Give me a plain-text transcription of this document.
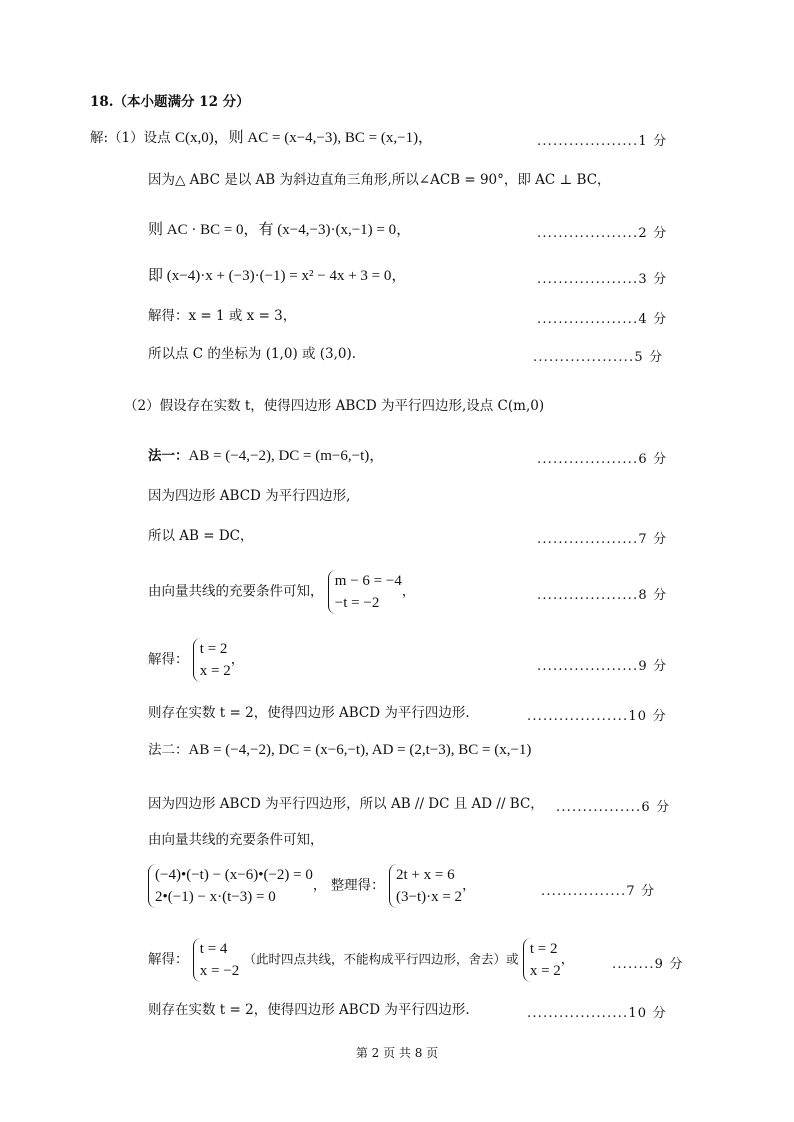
18.（本小题满分 12 分）
解:（1）设点 C(x,0)，则 AC = (x−4,−3), BC = (x,−1)，	...................1 分
因为△ ABC 是以 AB 为斜边直角三角形,所以∠ACB = 90°，即 AC ⊥ BC，
则 AC · BC = 0，有 (x−4,−3)·(x,−1) = 0，	...................2 分
即 (x−4)·x + (−3)·(−1) = x² − 4x + 3 = 0，	...................3 分
解得：x = 1 或 x = 3，	...................4 分
所以点 C 的坐标为 (1,0) 或 (3,0).	...................5 分
（2）假设存在实数 t，使得四边形 ABCD 为平行四边形,设点 C(m,0)
法一：AB = (−4,−2), DC = (m−6,−t)，	...................6 分
因为四边形 ABCD 为平行四边形,
所以 AB = DC，	...................7 分
由向量共线的充要条件可知， m − 6 = −4
−t = −2，	...................8 分
解得： t = 2
x = 2，	...................9 分
则存在实数 t = 2，使得四边形 ABCD 为平行四边形.	...................10 分
法二：AB = (−4,−2), DC = (x−6,−t), AD = (2,t−3), BC = (x,−1)
因为四边形 ABCD 为平行四边形，所以 AB // DC 且 AD // BC， ................6 分
由向量共线的充要条件可知，
(−4)•(−t) − (x−6)•(−2) = 0
2•(−1) − x·(t−3) = 0， 整理得： 2t + x = 6
(3−t)·x = 2，	................7 分
解得： t = 4
x = −2 （此时四点共线，不能构成平行四边形，舍去）或 t = 2
x = 2，	........9 分
则存在实数 t = 2，使得四边形 ABCD 为平行四边形.	...................10 分
第 2 页 共 8 页
